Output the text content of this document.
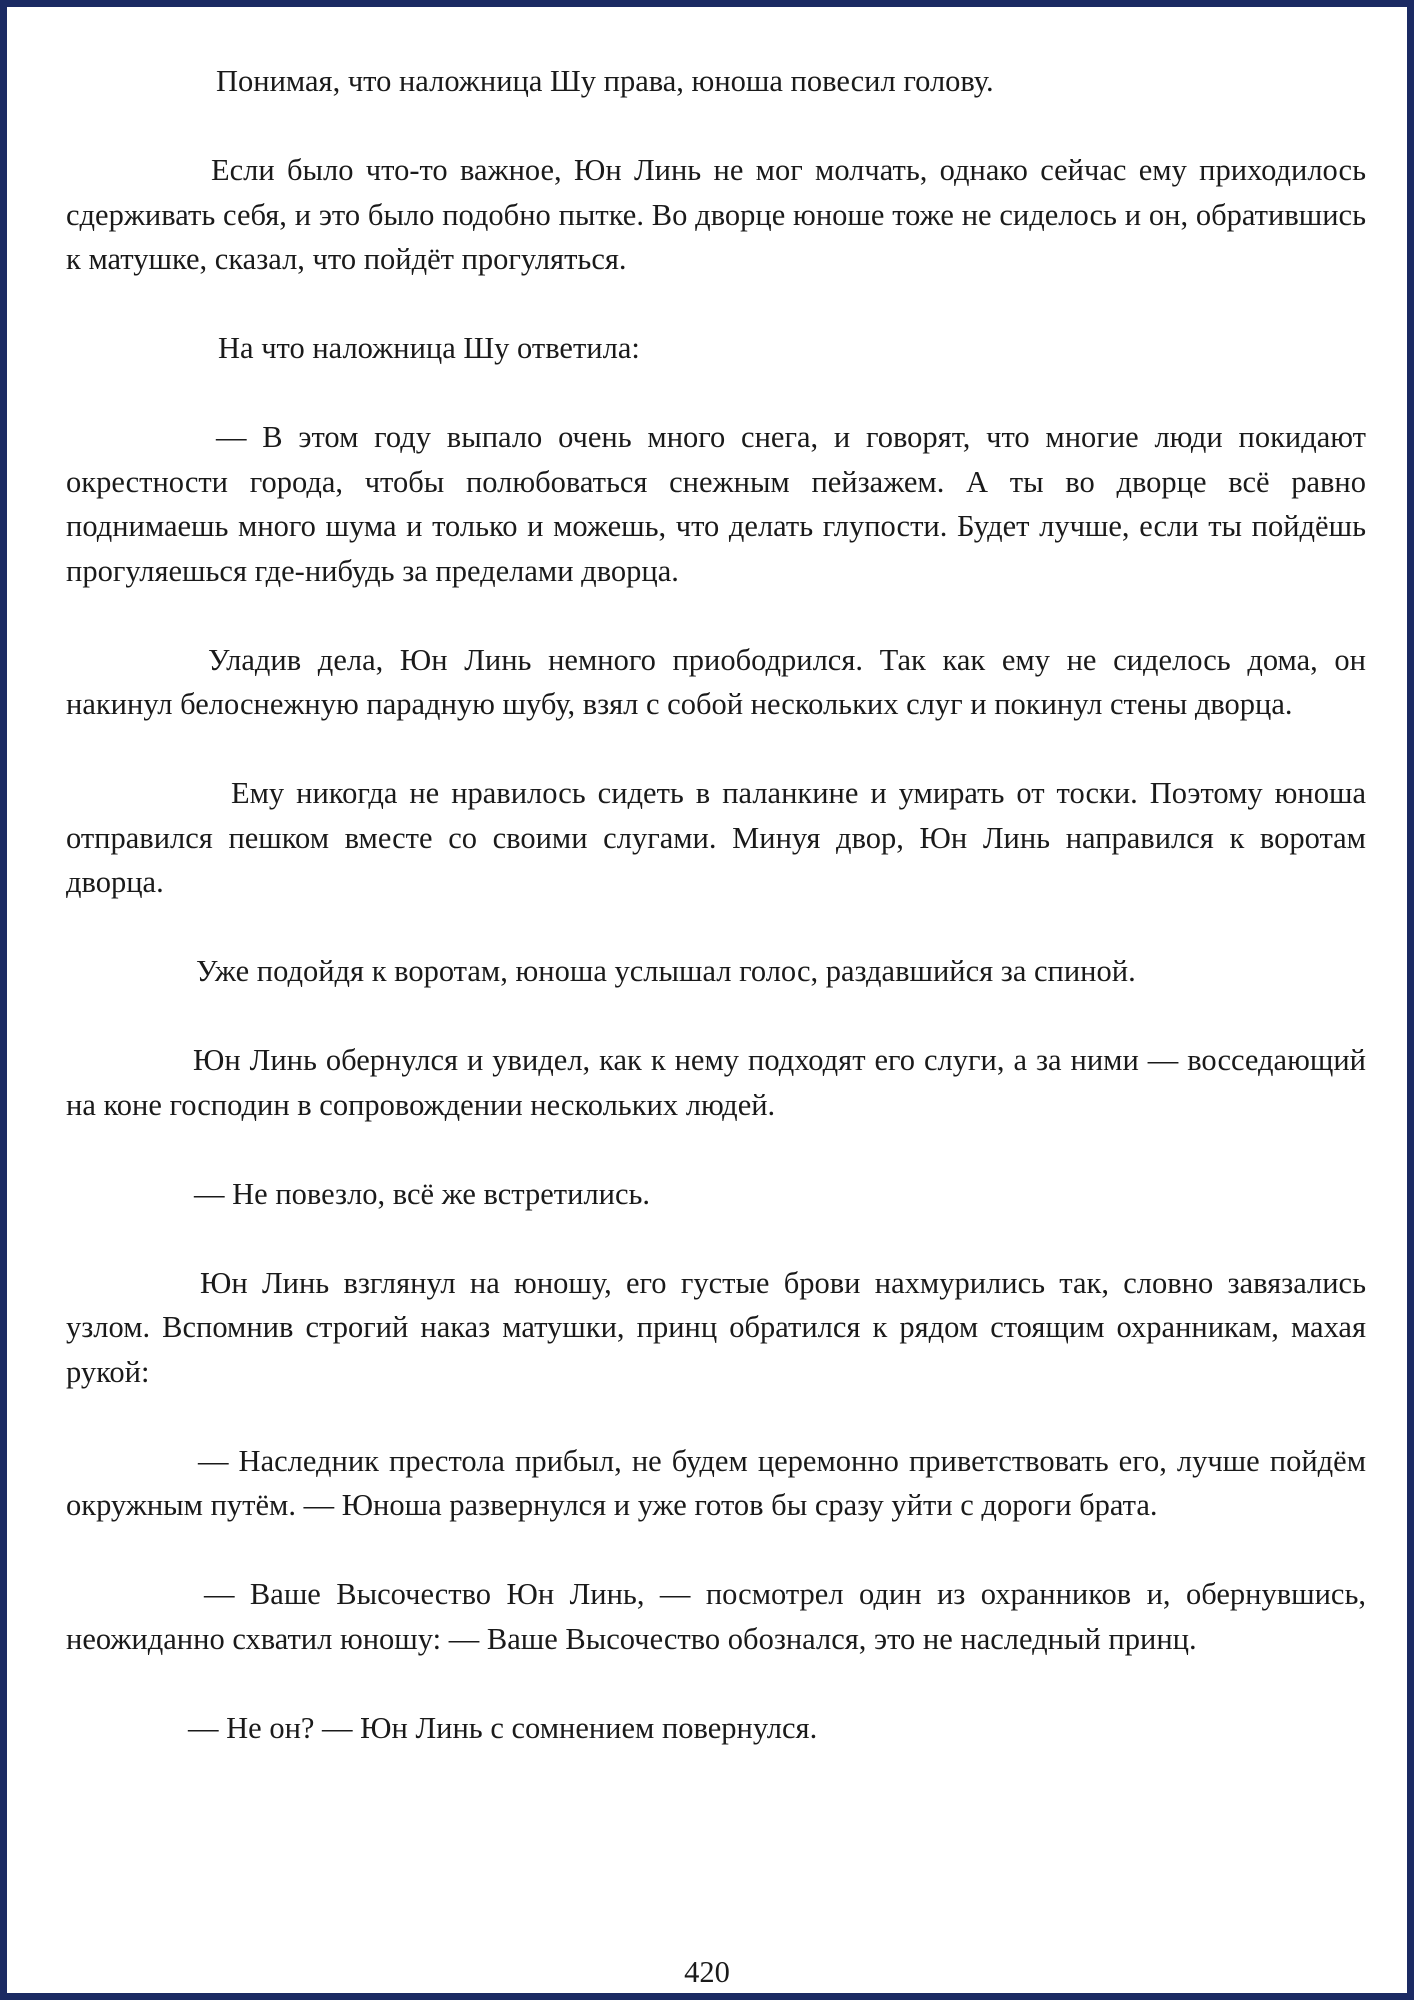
Понимая, что наложница Шу права, юноша повесил голову.

Если было что-то важное, Юн Линь не мог молчать, однако сейчас ему приходилось сдерживать себя, и это было подобно пытке. Во дворце юноше тоже не сиделось и он, обратившись к матушке, сказал, что пойдёт прогуляться.

На что наложница Шу ответила:

— В этом году выпало очень много снега, и говорят, что многие люди покидают окрестности города, чтобы полюбоваться снежным пейзажем. А ты во дворце всё равно поднимаешь много шума и только и можешь, что делать глупости. Будет лучше, если ты пойдёшь прогуляешься где-нибудь за пределами дворца.

Уладив дела, Юн Линь немного приободрился. Так как ему не сиделось дома, он накинул белоснежную парадную шубу, взял с собой нескольких слуг и покинул стены дворца.

Ему никогда не нравилось сидеть в паланкине и умирать от тоски. Поэтому юноша отправился пешком вместе со своими слугами. Минуя двор, Юн Линь направился к воротам дворца.

Уже подойдя к воротам, юноша услышал голос, раздавшийся за спиной.

Юн Линь обернулся и увидел, как к нему подходят его слуги, а за ними — восседающий на коне господин в сопровождении нескольких людей.

— Не повезло, всё же встретились.

Юн Линь взглянул на юношу, его густые брови нахмурились так, словно завязались узлом. Вспомнив строгий наказ матушки, принц обратился к рядом стоящим охранникам, махая рукой:

— Наследник престола прибыл, не будем церемонно приветствовать его, лучше пойдём окружным путём. — Юноша развернулся и уже готов бы сразу уйти с дороги брата.

— Ваше Высочество Юн Линь, — посмотрел один из охранников и, обернувшись, неожиданно схватил юношу: — Ваше Высочество обознался, это не наследный принц.

— Не он? — Юн Линь с сомнением повернулся.

420
